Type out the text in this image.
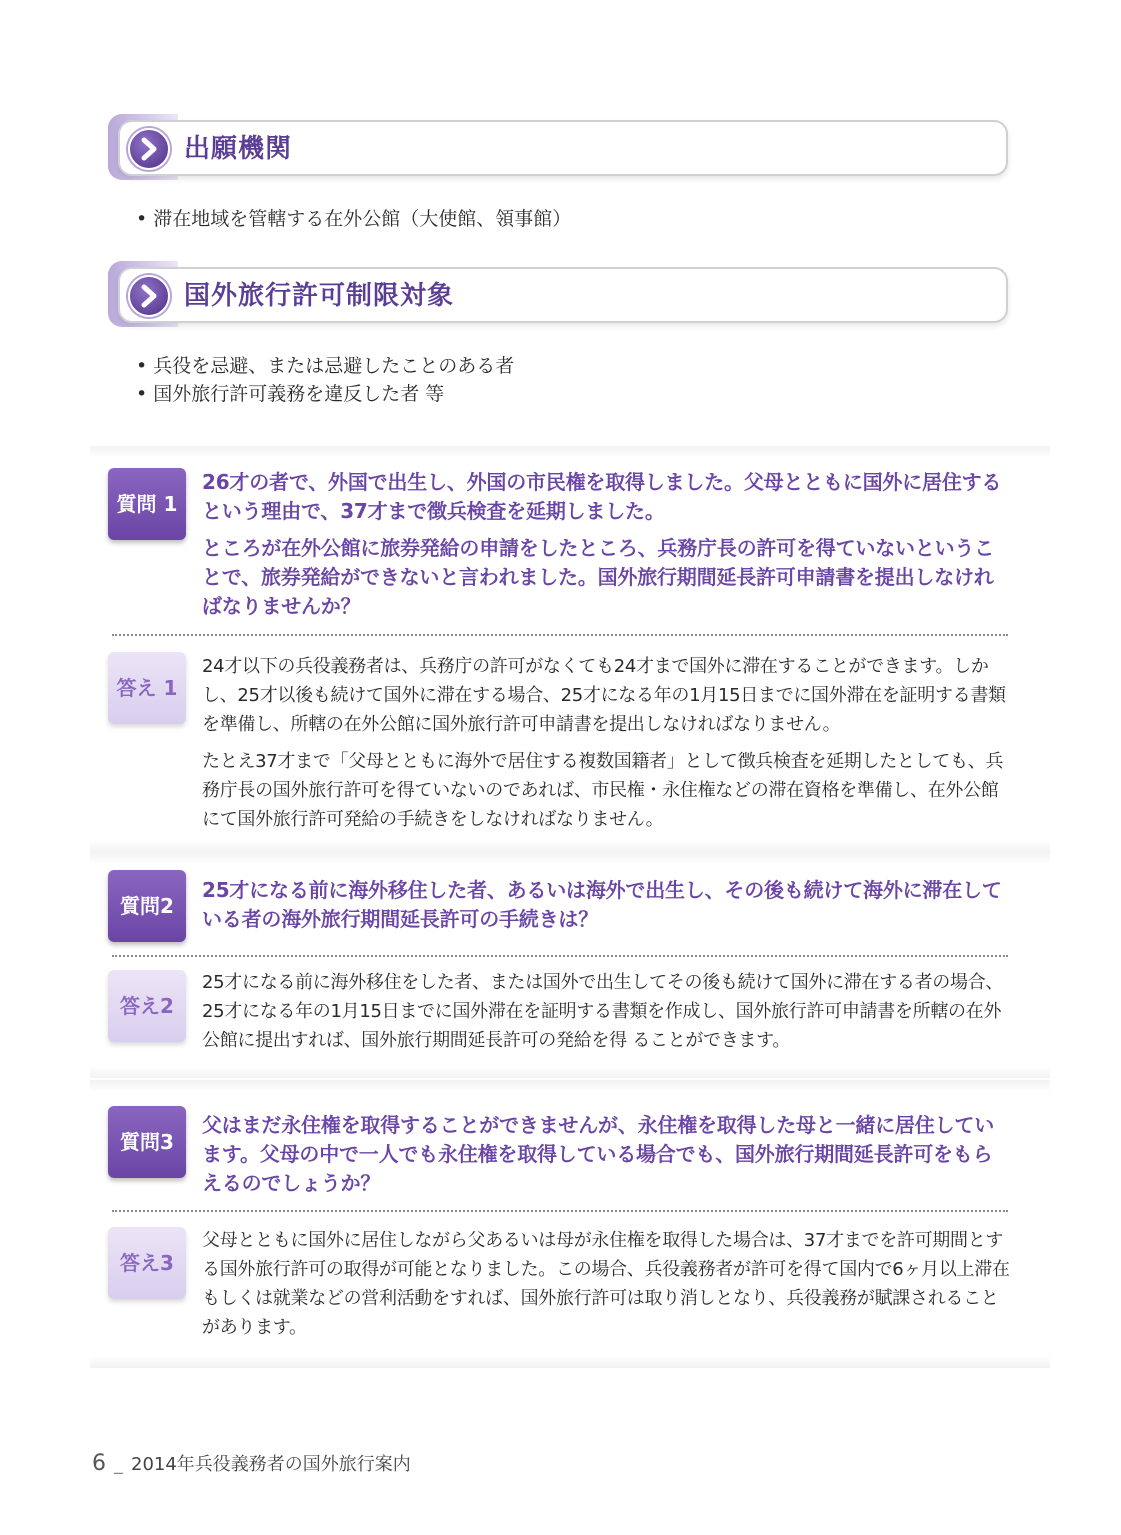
出願機関
• 滞在地域を管轄する在外公館（大使館、領事館）
国外旅行許可制限対象
• 兵役を忌避、または忌避したことのある者
• 国外旅行許可義務を違反した者 等
質問 1

26才の者で、外国で出生し、外国の市民権を取得しました。父母とともに国外に居住するという理由で、37才まで徴兵検査を延期しました。

ところが在外公館に旅券発給の申請をしたところ、兵務庁長の許可を得ていないということで、旅券発給ができないと言われました。国外旅行期間延長許可申請書を提出しなければなりませんか？

答え 1

24才以下の兵役義務者は、兵務庁の許可がなくても24才まで国外に滞在することができます。しかし、25才以後も続けて国外に滞在する場合、25才になる年の1月15日までに国外滞在を証明する書類を準備し、所轄の在外公館に国外旅行許可申請書を提出しなければなりません。

たとえ37才まで「父母とともに海外で居住する複数国籍者」として徴兵検査を延期したとしても、兵務庁長の国外旅行許可を得ていないのであれば、市民権・永住権などの滞在資格を準備し、在外公館にて国外旅行許可発給の手続きをしなければなりません。

質問2

25才になる前に海外移住した者、あるいは海外で出生し、その後も続けて海外に滞在している者の海外旅行期間延長許可の手続きは？

答え2

25才になる前に海外移住をした者、または国外で出生してその後も続けて国外に滞在する者の場合、25才になる年の1月15日までに国外滞在を証明する書類を作成し、国外旅行許可申請書を所轄の在外公館に提出すれば、国外旅行期間延長許可の発給を得 ることができます。

質問3

父はまだ永住権を取得することができませんが、永住権を取得した母と一緒に居住しています。父母の中で一人でも永住権を取得している場合でも、国外旅行期間延長許可をもらえるのでしょうか？

答え3

父母とともに国外に居住しながら父あるいは母が永住権を取得した場合は、37才までを許可期間とする国外旅行許可の取得が可能となりました。この場合、兵役義務者が許可を得て国内で6ヶ月以上滞在もしくは就業などの営利活動をすれば、国外旅行許可は取り消しとなり、兵役義務が賦課されることがあります。

6 _ 2014年兵役義務者の国外旅行案内
